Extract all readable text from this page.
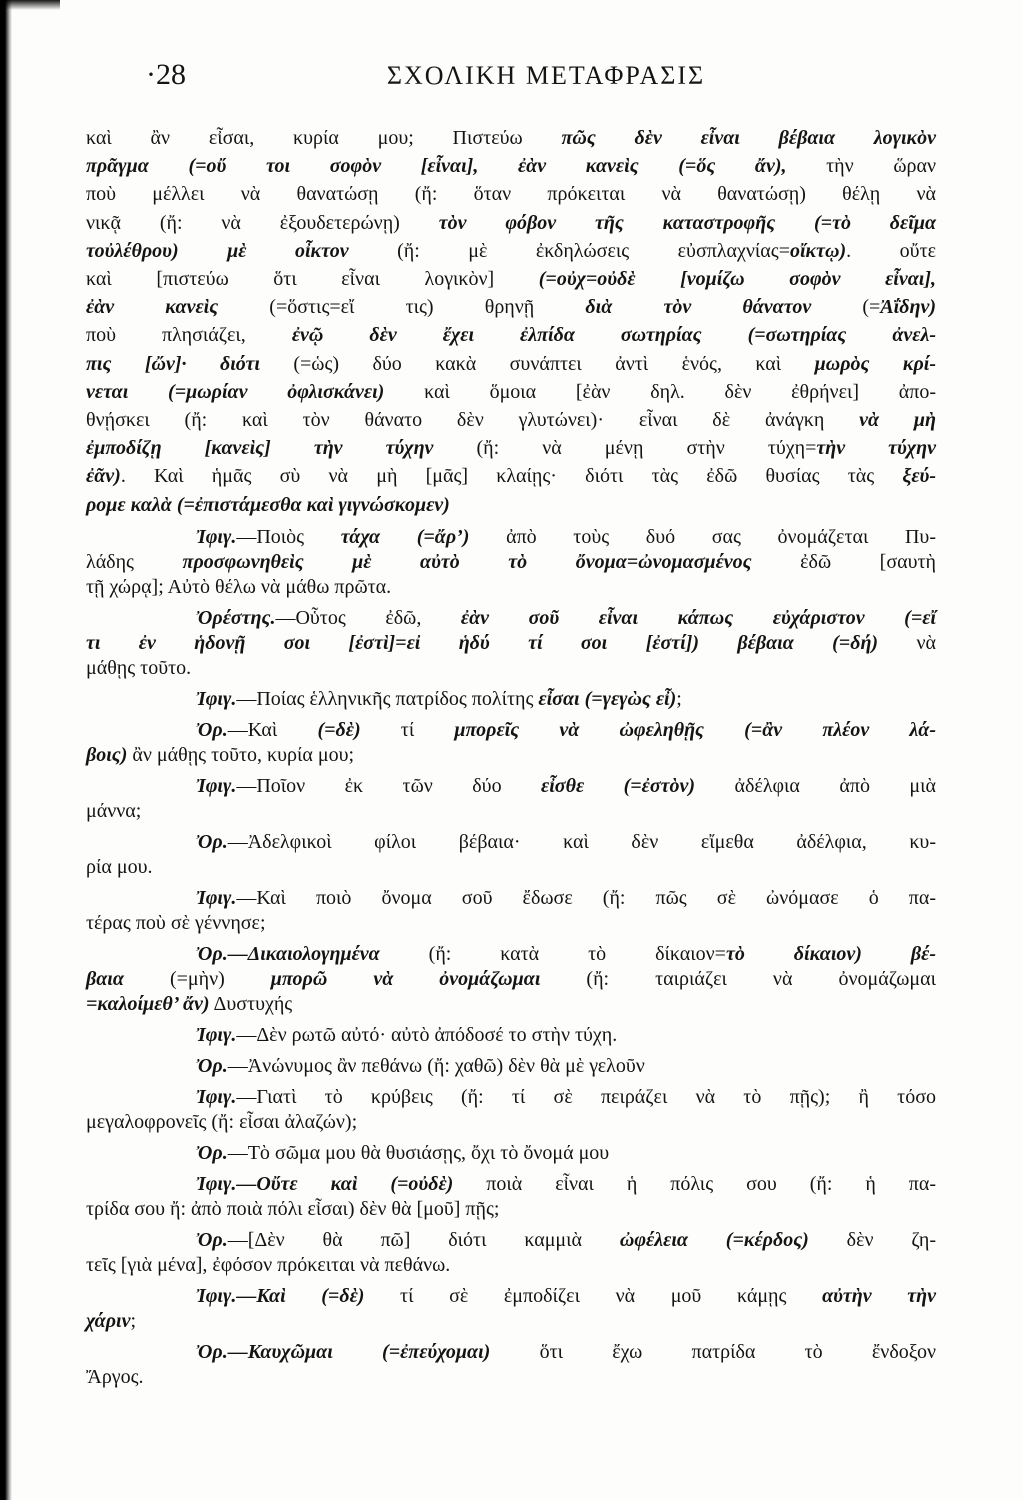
·28	ΣΧΟΛΙΚΗ ΜΕΤΑΦΡΑΣΙΣ
καὶ ἂν εἶσαι, κυρία μου; Πιστεύω πῶς δὲν εἶναι βέβαια λογικὸν
πρᾶγμα (=οὔ τοι σοφὸν [εἶναι], ἐὰν κανεὶς (=ὅς ἄν), τὴν ὥραν
ποὺ μέλλει νὰ θανατώσῃ (ἤ: ὅταν πρόκειται νὰ θανατώσῃ) θέλῃ νὰ
νικᾷ (ἤ: νὰ ἐξουδετερώνῃ) τὸν φόβον τῆς καταστροφῆς (=τὸ δεῖμα
τοὐλέθρου) μὲ οἶκτον (ἤ: μὲ ἐκδηλώσεις εὐσπλαχνίας=οἴκτῳ). οὔτε
καὶ [πιστεύω ὅτι εἶναι λογικὸν] (=οὐχ=οὐδὲ [νομίζω σοφὸν εἶναι],
ἐὰν κανεὶς (=ὅστις=εἴ τις) θρηνῇ διὰ τὸν θάνατον (=Ἀΐδην)
ποὺ πλησιάζει, ἐνῷ δὲν ἔχει ἐλπίδα σωτηρίας (=σωτηρίας ἀνελ-
πις [ὤν]· διότι (=ὡς) δύο κακὰ συνάπτει ἀντὶ ἑνός, καὶ μωρὸς κρί-
νεται (=μωρίαν ὀφλισκάνει) καὶ ὅμοια [ἐὰν δηλ. δὲν ἐθρήνει] ἀπο-
θνῄσκει (ἤ: καὶ τὸν θάνατο δὲν γλυτώνει)· εἶναι δὲ ἀνάγκη νὰ μὴ
ἐμποδίζῃ [κανεὶς] τὴν τύχην (ἤ: νὰ μένῃ στὴν τύχη=τὴν τύχην
ἐᾶν). Καὶ ἡμᾶς σὺ νὰ μὴ [μᾶς] κλαίῃς· διότι τὰς ἐδῶ θυσίας τὰς ξεύ-
ρομε καλὰ (=ἐπιστάμεσθα καὶ γιγνώσκομεν)
Ἰφιγ.—Ποιὸς τάχα (=ἄρ’) ἀπὸ τοὺς δυό σας ὀνομάζεται Πυ-
λάδης προσφωνηθεὶς μὲ αὐτὸ τὸ ὄνομα=ὠνομασμένος ἐδῶ [σαυτὴ
τῇ χώρᾳ]; Αὐτὸ θέλω νὰ μάθω πρῶτα.
Ὀρέστης.—Οὗτος ἐδῶ, ἐὰν σοῦ εἶναι κάπως εὐχάριστον (=εἴ
τι ἐν ἡδονῇ σοι [ἐστὶ]=εἰ ἡδύ τί σοι [ἐστί]) βέβαια (=δή) νὰ
μάθῃς τοῦτο.
Ἰφιγ.—Ποίας ἑλληνικῆς πατρίδος πολίτης εἶσαι (=γεγὼς εἶ);
Ὀρ.—Καὶ (=δὲ) τί μπορεῖς νὰ ὠφεληθῇς (=ἂν πλέον λά-
βοις) ἂν μάθῃς τοῦτο, κυρία μου;
Ἰφιγ.—Ποῖον ἐκ τῶν δύο εἶσθε (=ἐστὸν) ἀδέλφια ἀπὸ μιὰ
μάννα;
Ὀρ.—Ἀδελφικοὶ φίλοι βέβαια· καὶ δὲν εἴμεθα ἀδέλφια, κυ-
ρία μου.
Ἰφιγ.—Καὶ ποιὸ ὄνομα σοῦ ἔδωσε (ἤ: πῶς σὲ ὠνόμασε ὁ πα-
τέρας ποὺ σὲ γέννησε;
Ὀρ.—Δικαιολογημένα (ἤ: κατὰ τὸ δίκαιον=τὸ δίκαιον) βέ-
βαια (=μὴν) μπορῶ νὰ ὀνομάζωμαι (ἤ: ταιριάζει νὰ ὀνομάζωμαι
=καλοίμεθ’ ἄν) Δυστυχής
Ἰφιγ.—Δὲν ρωτῶ αὐτό· αὐτὸ ἀπόδοσέ το στὴν τύχη.
Ὀρ.—Ἀνώνυμος ἂν πεθάνω (ἤ: χαθῶ) δὲν θὰ μὲ γελοῦν
Ἰφιγ.—Γιατὶ τὸ κρύβεις (ἤ: τί σὲ πειράζει νὰ τὸ πῇς); ἢ τόσο
μεγαλοφρονεῖς (ἤ: εἶσαι ἀλαζών);
Ὀρ.—Τὸ σῶμα μου θὰ θυσιάσῃς, ὄχι τὸ ὄνομά μου
Ἰφιγ.—Οὔτε καὶ (=οὐδὲ) ποιὰ εἶναι ἡ πόλις σου (ἤ: ἡ πα-
τρίδα σου ἤ: ἀπὸ ποιὰ πόλι εἶσαι) δὲν θὰ [μοῦ] πῇς;
Ὀρ.—[Δὲν θὰ πῶ] διότι καμμιὰ ὠφέλεια (=κέρδος) δὲν ζη-
τεῖς [γιὰ μένα], ἐφόσον πρόκειται νὰ πεθάνω.
Ἰφιγ.—Καὶ (=δὲ) τί σὲ ἐμποδίζει νὰ μοῦ κάμῃς αὐτὴν τὴν
χάριν;
Ὀρ.—Καυχῶμαι (=ἐπεύχομαι) ὅτι ἔχω πατρίδα τὸ ἔνδοξον
Ἄργος.
